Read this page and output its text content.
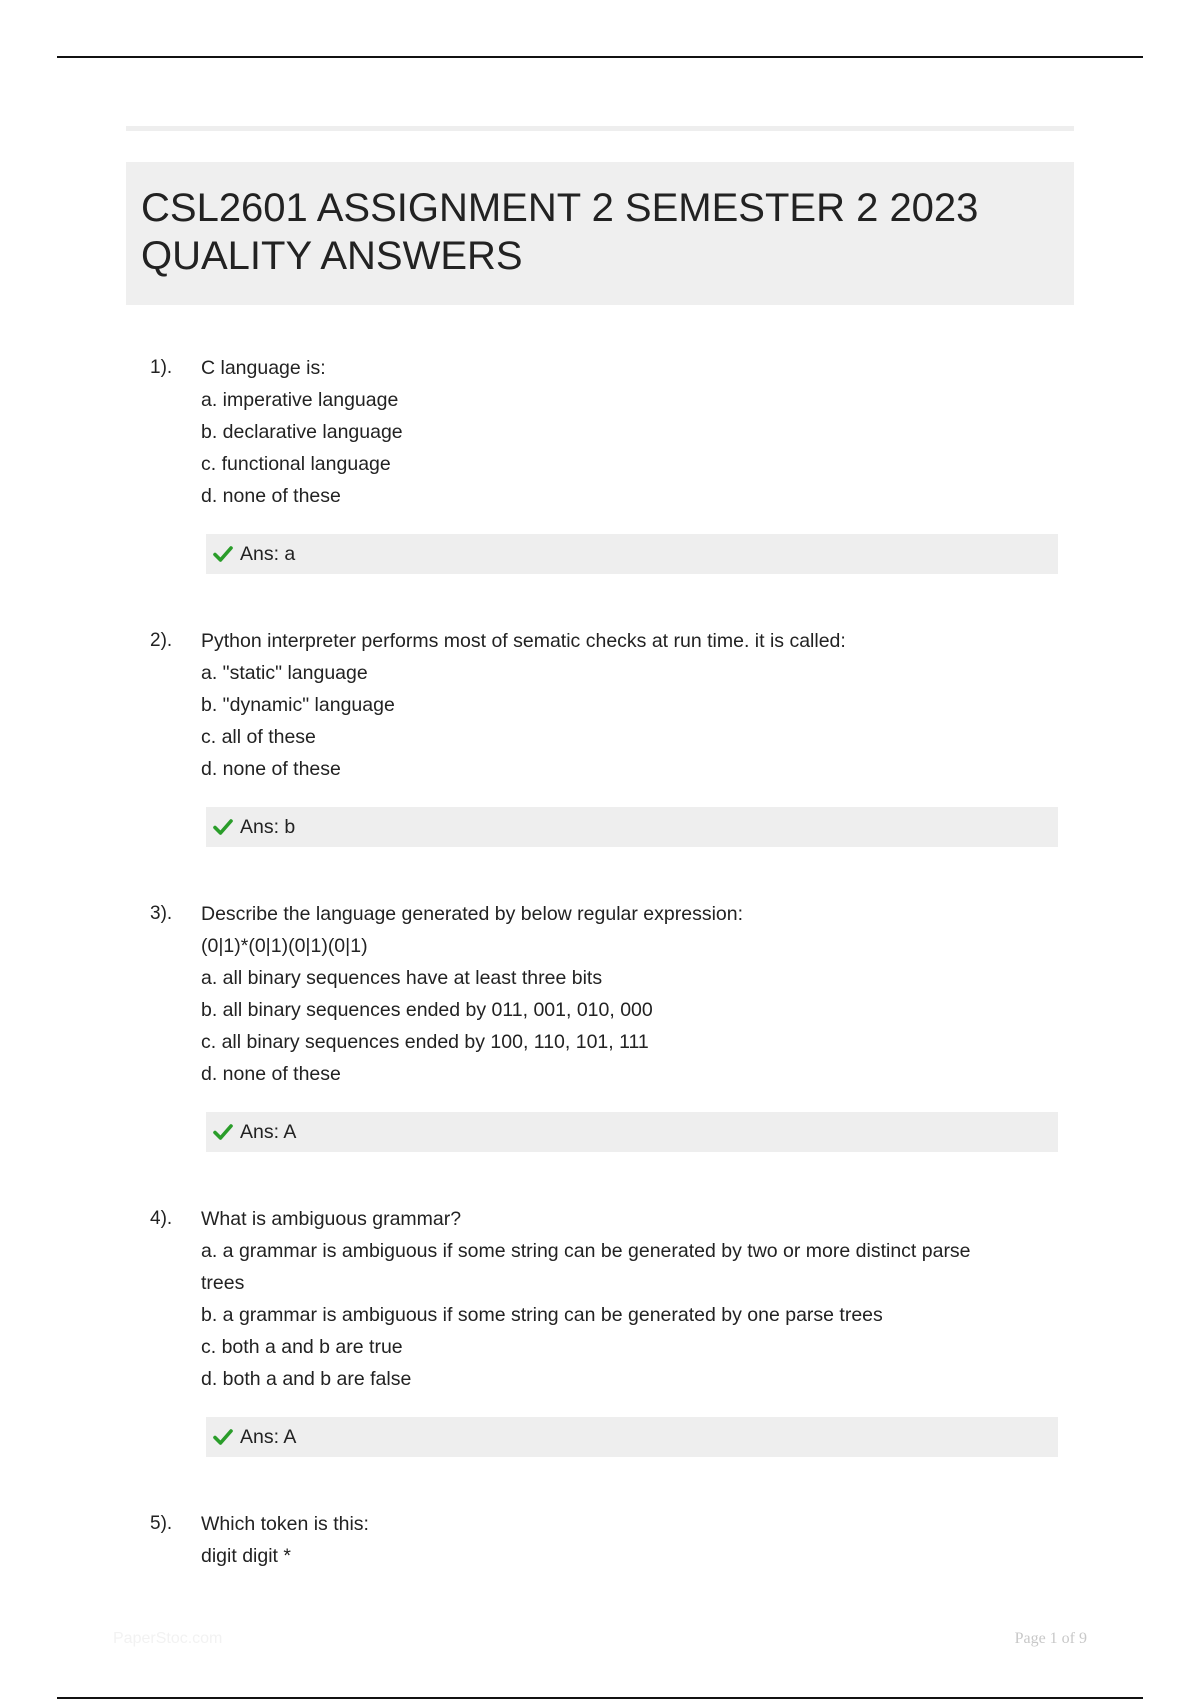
CSL2601 ASSIGNMENT 2 SEMESTER 2 2023
QUALITY ANSWERS
1). C language is:
a. imperative language
b. declarative language
c. functional language
d. none of these
Ans: a
2). Python interpreter performs most of sematic checks at run time. it is called:
a. "static" language
b. "dynamic" language
c. all of these
d. none of these
Ans: b
3). Describe the language generated by below regular expression:
(0|1)*(0|1)(0|1)(0|1)
a. all binary sequences have at least three bits
b. all binary sequences ended by 011, 001, 010, 000
c. all binary sequences ended by 100, 110, 101, 111
d. none of these
Ans: A
4). What is ambiguous grammar?
a. a grammar is ambiguous if some string can be generated by two or more distinct parse
trees
b. a grammar is ambiguous if some string can be generated by one parse trees
c. both a and b are true
d. both a and b are false
Ans: A
5). Which token is this:
digit digit *
PaperStoc.com	Page 1 of 9
